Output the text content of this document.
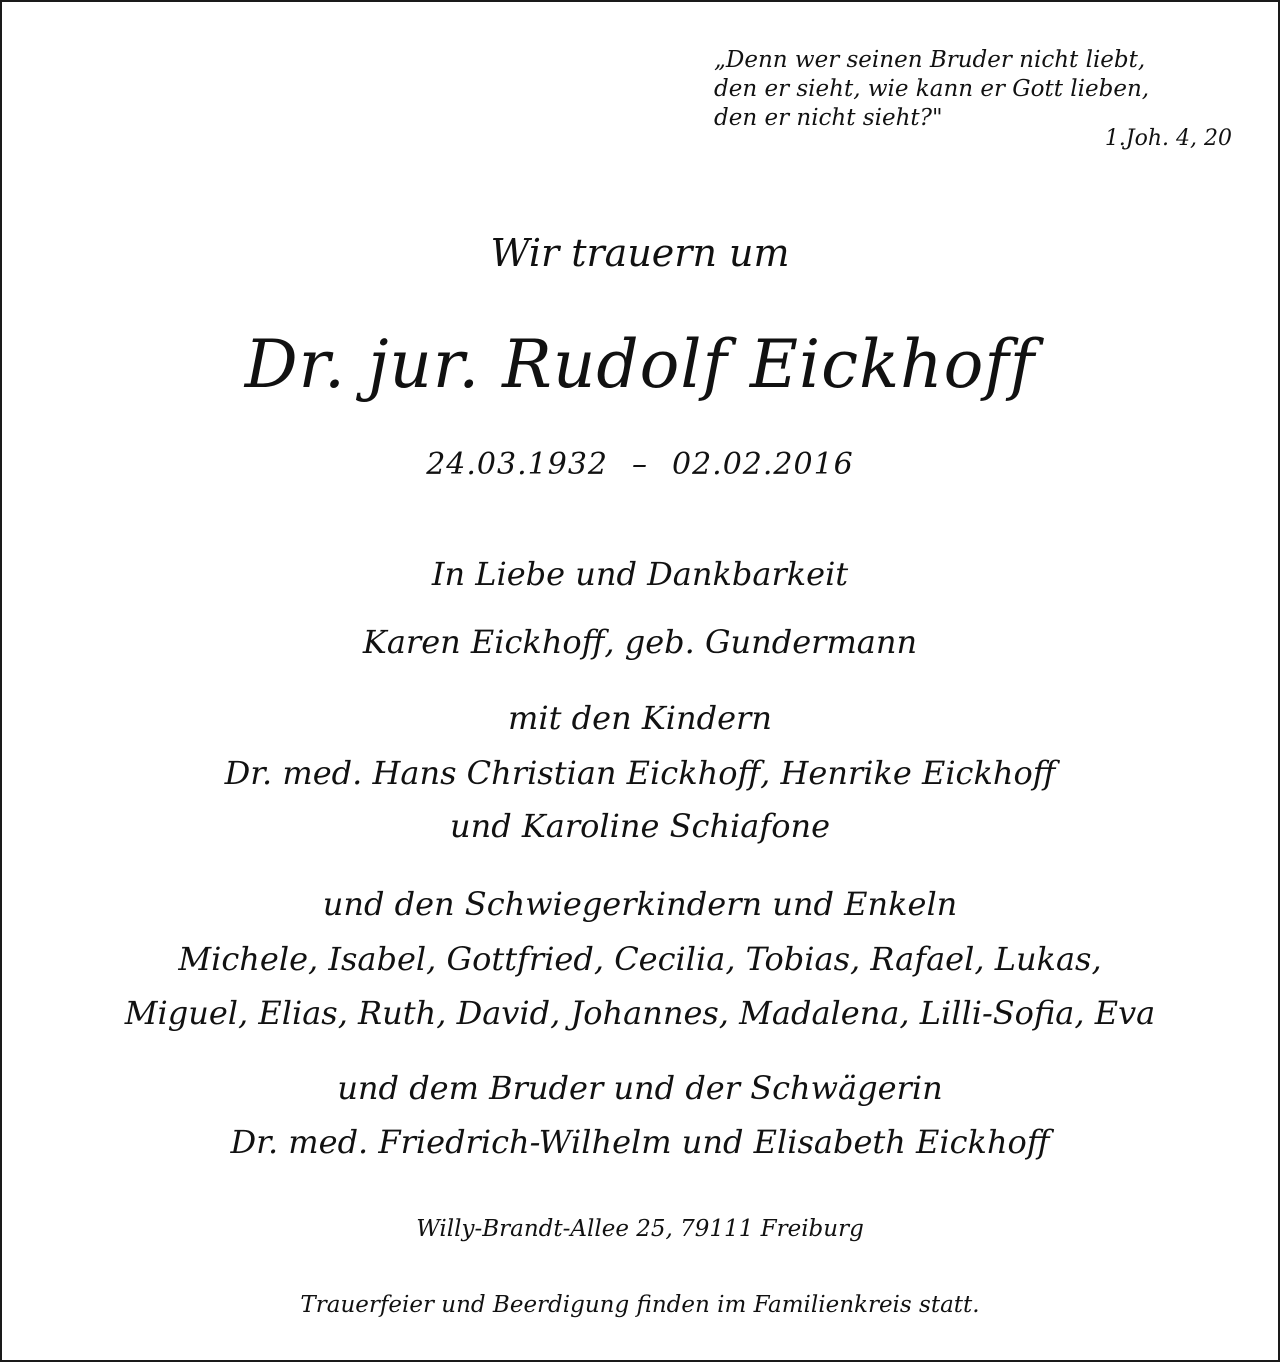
„Denn wer seinen Bruder nicht liebt,
den er sieht, wie kann er Gott lieben,
den er nicht sieht?"
1.Joh. 4, 20
Wir trauern um
Dr. jur. Rudolf Eickhoff
24.03.1932 – 02.02.2016
In Liebe und Dankbarkeit
Karen Eickhoff, geb. Gundermann
mit den Kindern
Dr. med. Hans Christian Eickhoff, Henrike Eickhoff
und Karoline Schiafone
und den Schwiegerkindern und Enkeln
Michele, Isabel, Gottfried, Cecilia, Tobias, Rafael, Lukas,
Miguel, Elias, Ruth, David, Johannes, Madalena, Lilli-Sofia, Eva
und dem Bruder und der Schwägerin
Dr. med. Friedrich-Wilhelm und Elisabeth Eickhoff
Willy-Brandt-Allee 25, 79111 Freiburg
Trauerfeier und Beerdigung finden im Familienkreis statt.
